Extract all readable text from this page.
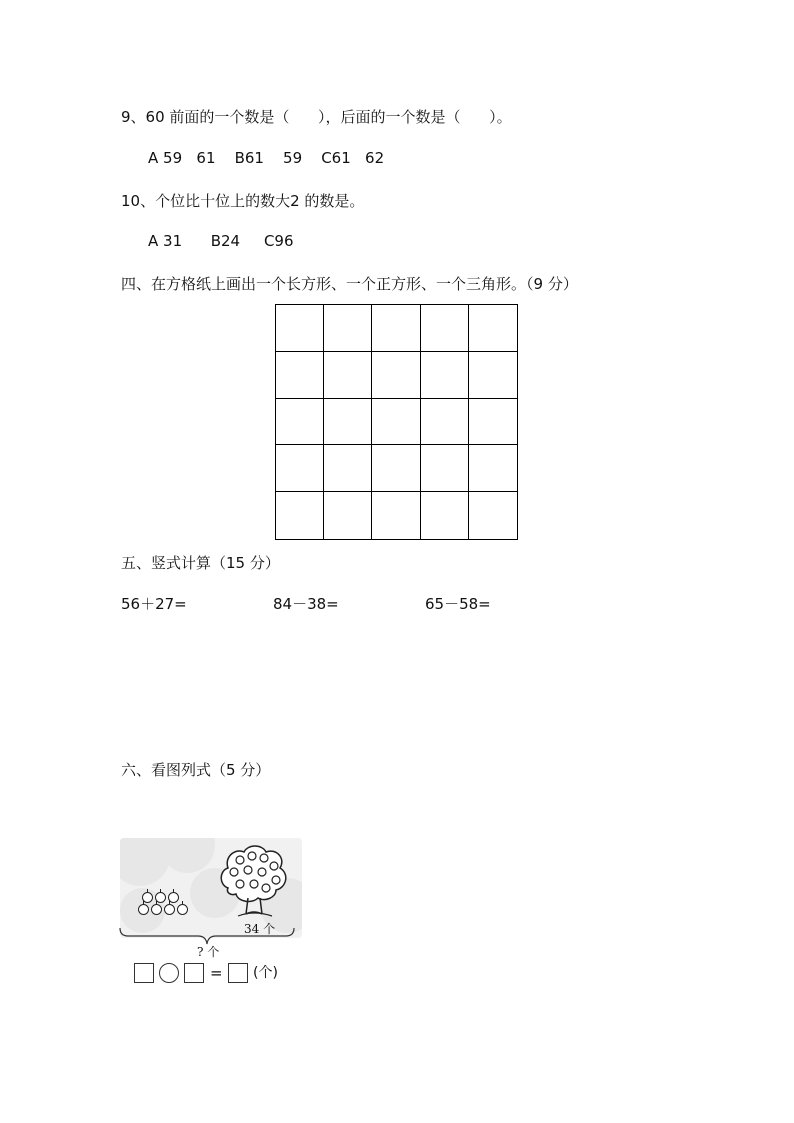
9、60 前面的一个数是（      ），后面的一个数是（      ）。
A 59   61    B61    59    C61   62
10、个位比十位上的数大2 的数是。
A 31      B24     C96
四、在方格纸上画出一个长方形、一个正方形、一个三角形。（9 分）
五、竖式计算（15 分）
56＋27=	84－38=	65－58=
六、看图列式（5 分）
34 个
? 个
= (个)
